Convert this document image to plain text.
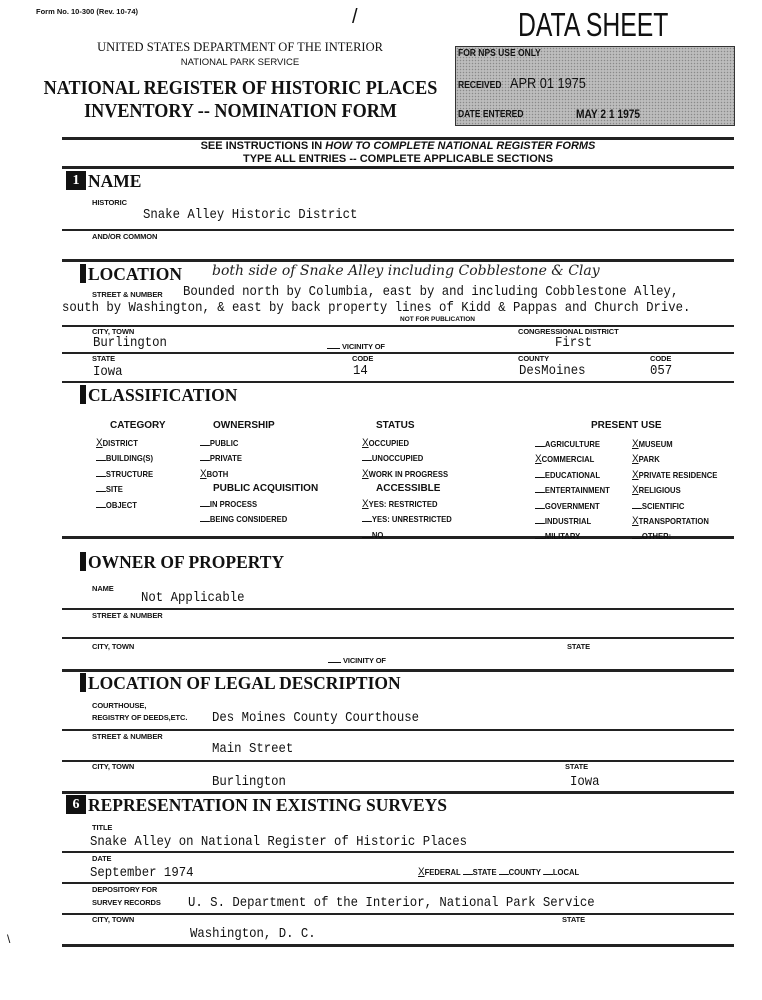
Form No. 10-300 (Rev. 10-74)	/	DATA SHEET
UNITED STATES DEPARTMENT OF THE INTERIOR
NATIONAL PARK SERVICE
NATIONAL REGISTER OF HISTORIC PLACES
INVENTORY -- NOMINATION FORM
FOR NPS USE ONLY
RECEIVED APR 01 1975
DATE ENTERED	MAY 2 1 1975
SEE INSTRUCTIONS IN HOW TO COMPLETE NATIONAL REGISTER FORMS
TYPE ALL ENTRIES -- COMPLETE APPLICABLE SECTIONS
1 NAME
HISTORIC
Snake Alley Historic District
AND/OR COMMON
LOCATION both side of Snake Alley including Cobblestone & Clay
STREET & NUMBER Bounded north by Columbia, east by and including Cobblestone Alley,
south by Washington, & east by back property lines of Kidd & Pappas and Church Drive.
NOT FOR PUBLICATION
CITY, TOWN
Burlington	VICINITY OF
CONGRESSIONAL DISTRICT
First
STATE
Iowa
CODE
14
COUNTY
DesMoines
CODE
057
CLASSIFICATION
OWNER OF PROPERTY
NAME
Not Applicable
STREET & NUMBER
CITY, TOWN	STATE
VICINITY OF
LOCATION OF LEGAL DESCRIPTION
COURTHOUSE,
REGISTRY OF DEEDS,ETC. Des Moines County Courthouse
STREET & NUMBER
Main Street
CITY, TOWN	STATE
Burlington	Iowa
6 REPRESENTATION IN EXISTING SURVEYS
TITLE
Snake Alley on National Register of Historic Places
DATE
September 1974	XFEDERAL STATE COUNTY LOCAL
DEPOSITORY FOR
SURVEY RECORDS U. S. Department of the Interior, National Park Service
CITY, TOWN	STATE
Washington, D. C.
\
CATEGORY
XDISTRICT
BUILDING(S)
STRUCTURE
SITE
OBJECT
OWNERSHIP
PUBLIC
PRIVATE
XBOTH
PUBLIC ACQUISITION
IN PROCESS
BEING CONSIDERED
STATUS
XOCCUPIED
UNOCCUPIED
XWORK IN PROGRESS
ACCESSIBLE
XYES: RESTRICTED
YES: UNRESTRICTED
NO
PRESENT USE
AGRICULTURE
XCOMMERCIAL
EDUCATIONAL
ENTERTAINMENT
GOVERNMENT
INDUSTRIAL
MILITARY
XMUSEUM
XPARK
XPRIVATE RESIDENCE
XRELIGIOUS
SCIENTIFIC
XTRANSPORTATION
OTHER:
